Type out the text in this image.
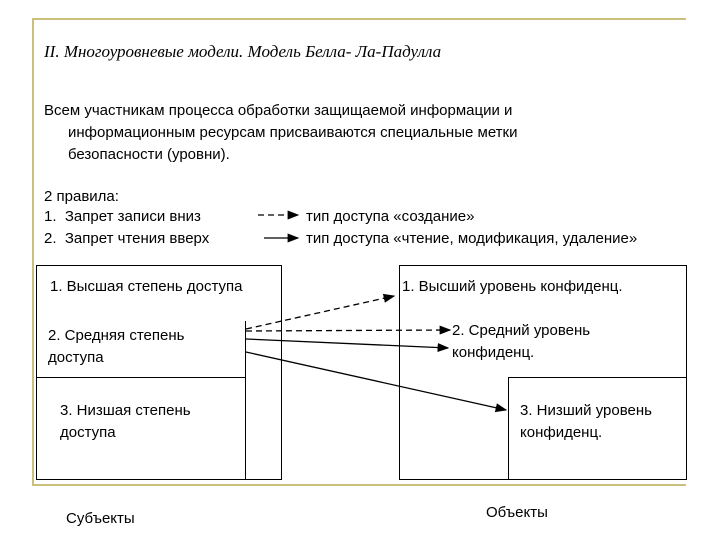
II. Многоуровневые модели. Модель Белла- Ла-Падулла
Всем участникам процесса обработки защищаемой информации и
информационным ресурсам присваиваются специальные метки
безопасности (уровни).
2 правила:
1. Запрет записи вниз
2. Запрет чтения вверх
тип доступа «создание»
тип доступа «чтение, модификация, удаление»
1. Высшая степень доступа
2. Средняя степень доступа
3. Низшая степень доступа
1. Высший уровень конфиденц.
2. Средний уровень конфиденц.
3. Низший уровень конфиденц.
Субъекты	Объекты
